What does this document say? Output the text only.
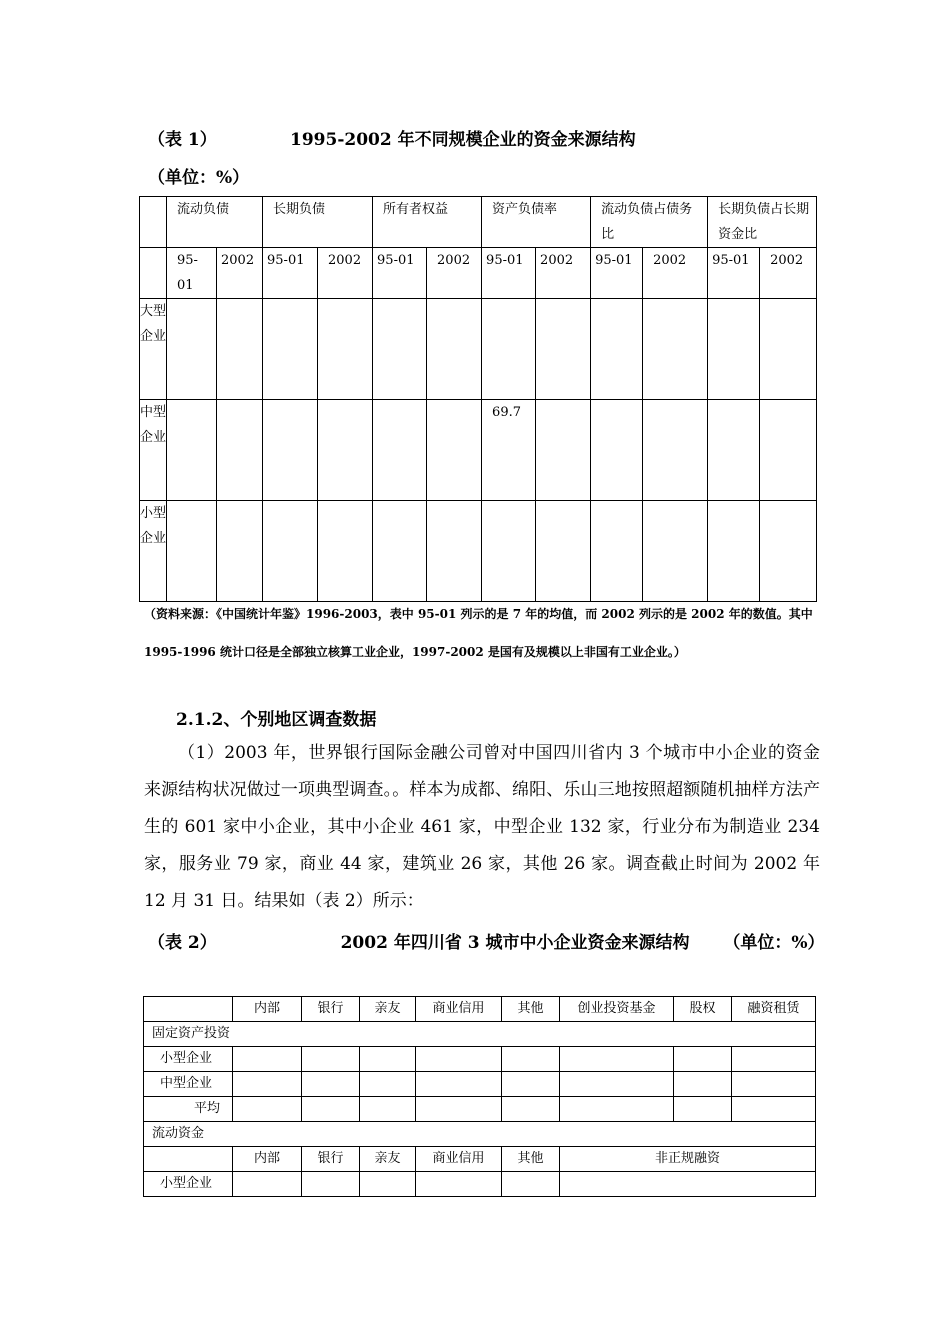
（表 1）	1995-2002 年不同规模企业的资金来源结构
（单位：%）
	流动负债		长期负债		所有者权益		资产负债率		流动负债占债务比		长期负债占长期资金比	
	95-01	2002	95-01	2002	95-01	2002	95-01	2002	95-01	2002	95-01	2002
大型企业												
中型企业							69.7					
小型企业												
（资料来源：《中国统计年鉴》1996-2003，表中 95-01 列示的是 7 年的均值，而 2002 列示的是 2002 年的数值。其中 1995-1996 统计口径是全部独立核算工业企业，1997-2002 是国有及规模以上非国有工业企业。）
2.1.2、个别地区调查数据

（1）2003 年，世界银行国际金融公司曾对中国四川省内 3 个城市中小企业的资金来源结构状况做过一项典型调查。。样本为成都、绵阳、乐山三地按照超额随机抽样方法产生的 601 家中小企业，其中小企业 461 家，中型企业 132 家，行业分布为制造业 234 家，服务业 79 家，商业 44 家，建筑业 26 家，其他 26 家。调查截止时间为 2002 年 12 月 31 日。结果如（表 2）所示：

（表 2）	2002 年四川省 3 城市中小企业资金来源结构 （单位：%）
	内部	银行	亲友	商业信用	其他	创业投资基金	股权	融资租赁
固定资产投资								
小型企业								
中型企业								
平均								
流动资金								
	内部	银行	亲友	商业信用	其他	非正规融资		
小型企业								
